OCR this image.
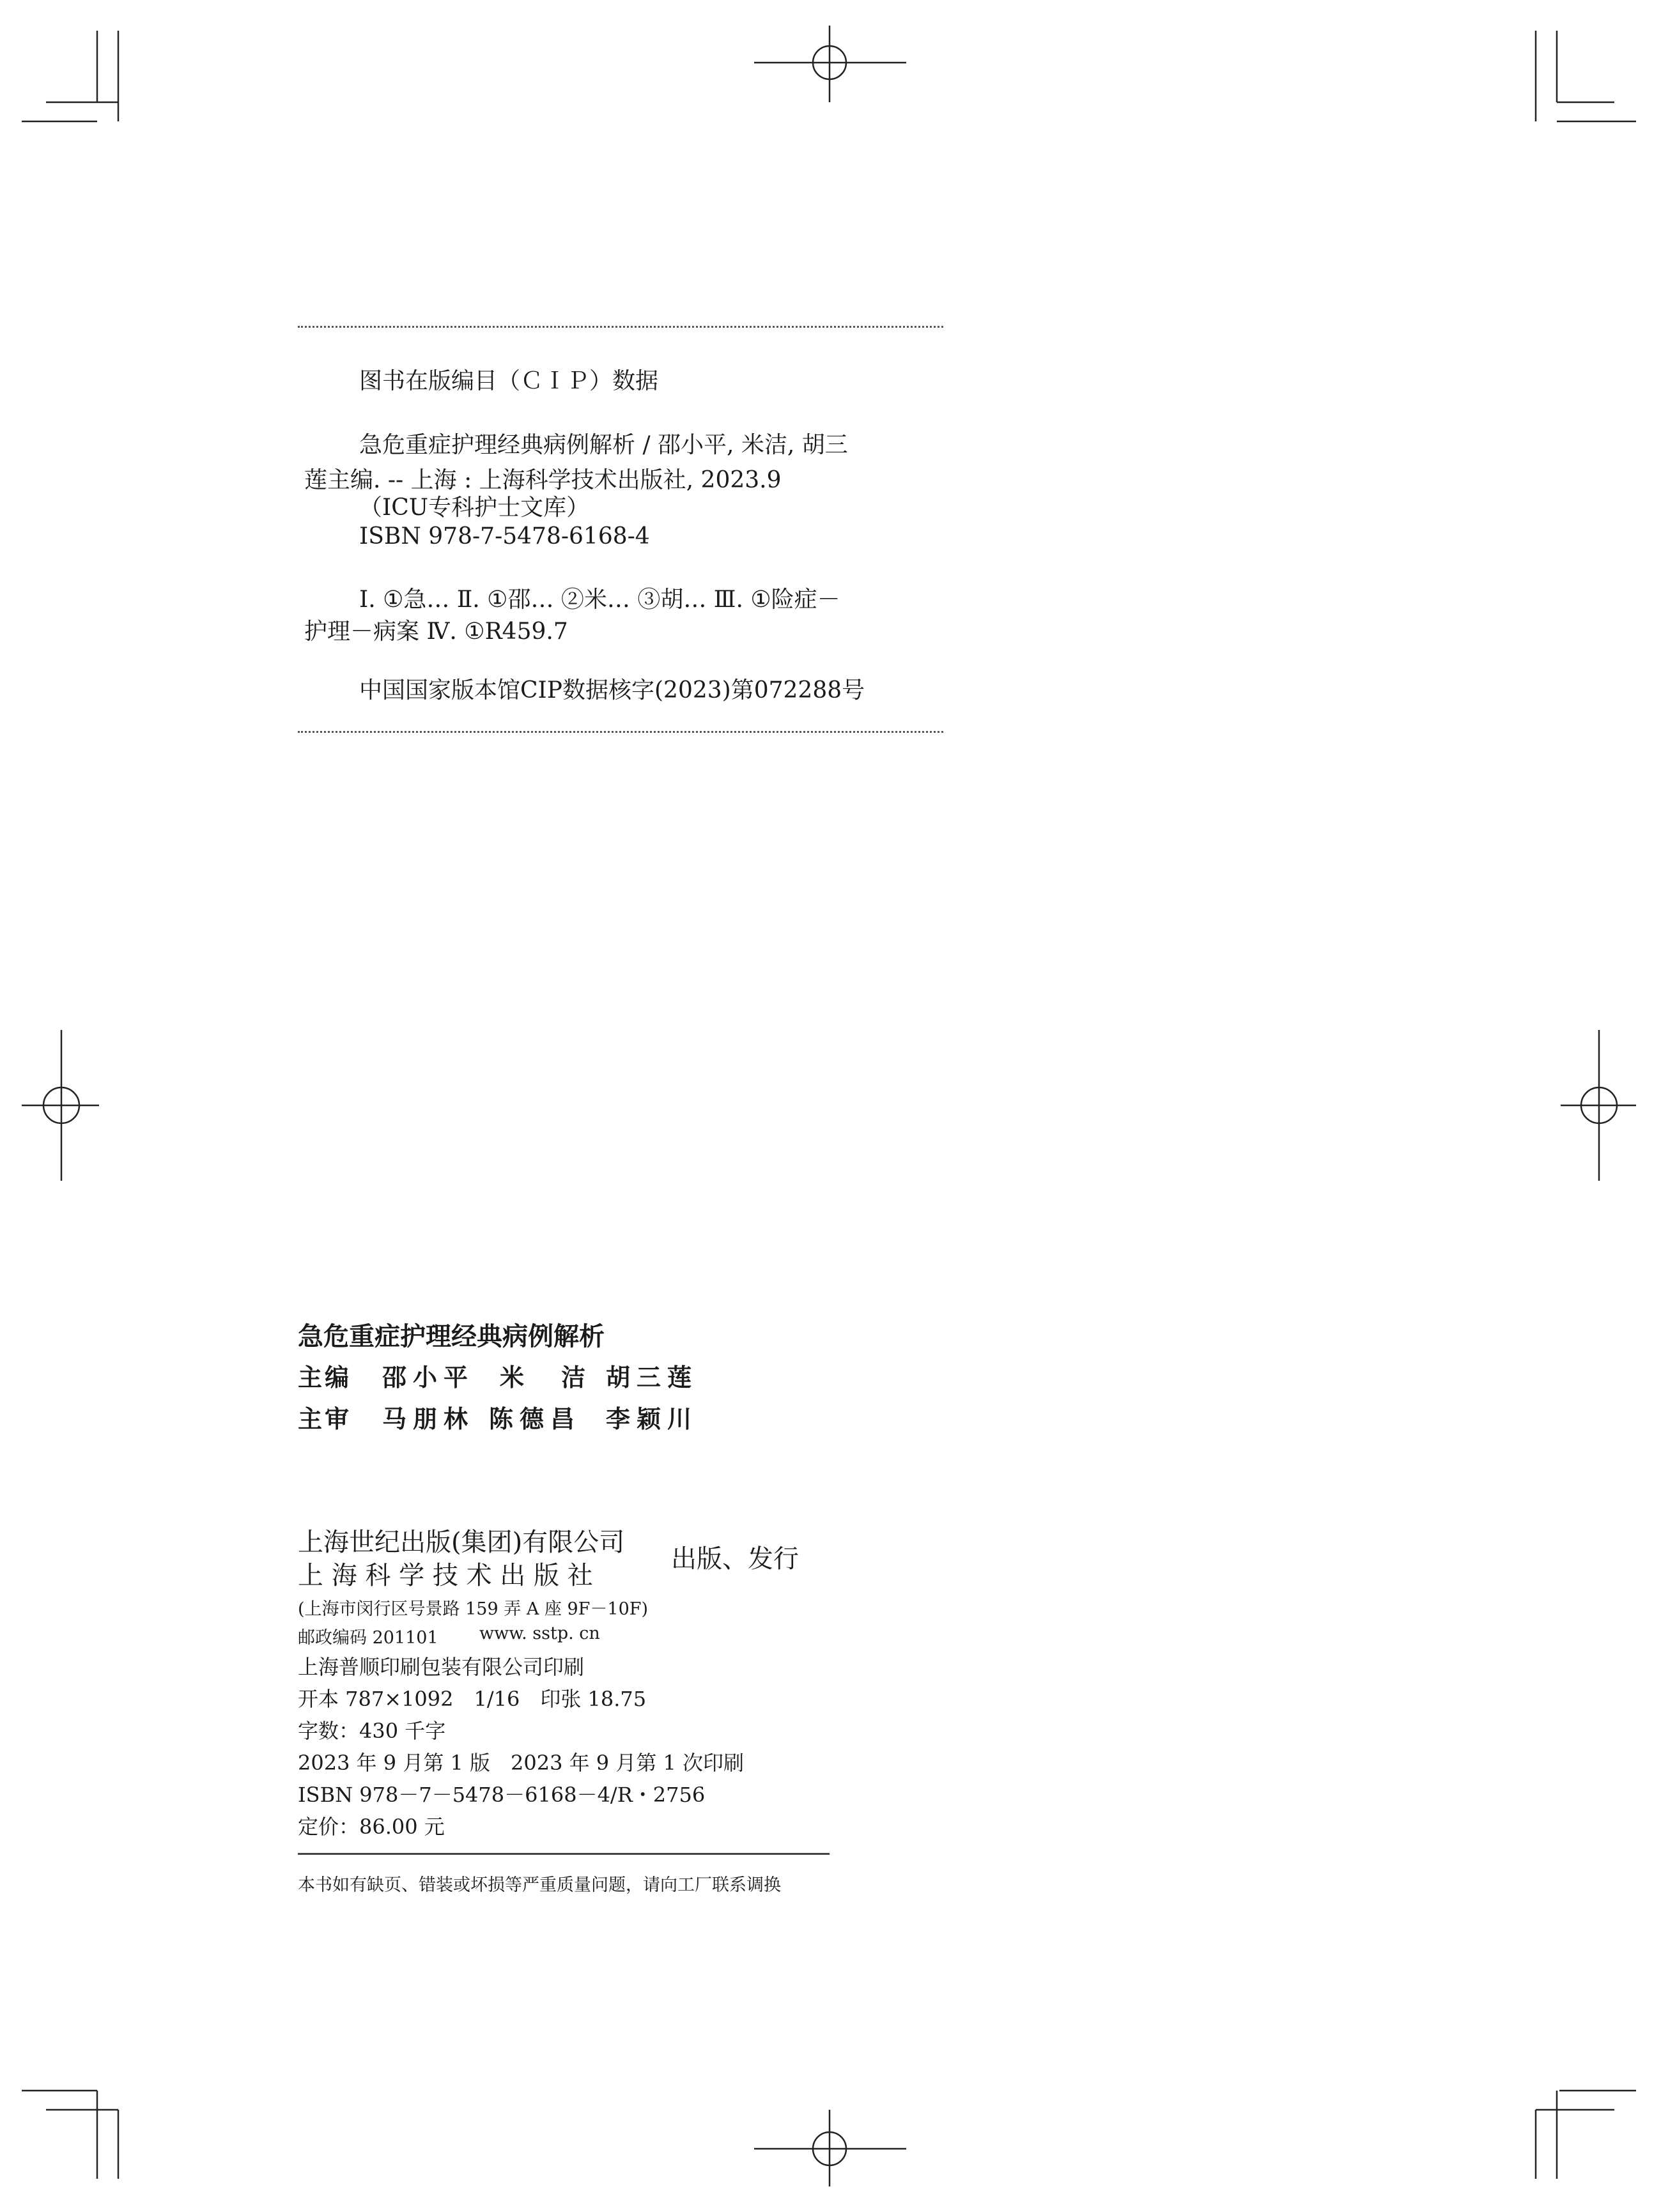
图书在版编目（ＣＩＰ）数据
急危重症护理经典病例解析 / 邵小平, 米洁, 胡三
莲主编. -- 上海 : 上海科学技术出版社, 2023.9
（ICU专科护士文库）
ISBN 978-7-5478-6168-4
Ⅰ. ①急… Ⅱ. ①邵… ②米… ③胡… Ⅲ. ①险症－
护理－病案 Ⅳ. ①R459.7
中国国家版本馆CIP数据核字(2023)第072288号
急危重症护理经典病例解析
主编 邵小平 米　洁 胡三莲
主审 马朋林 陈德昌 李颖川
上海世纪出版(集团)有限公司
上 海 科 学 技 术 出 版 社
出版、发行
(上海市闵行区号景路 159 弄 A 座 9F－10F)
邮政编码 201101 www. sstp. cn
上海普顺印刷包装有限公司印刷
开本 787×1092　1/16　印张 18.75
字数：430 千字
2023 年 9 月第 1 版　2023 年 9 月第 1 次印刷
ISBN 978－7－5478－6168－4/R・2756
定价：86.00 元
本书如有缺页、错装或坏损等严重质量问题，请向工厂联系调换
